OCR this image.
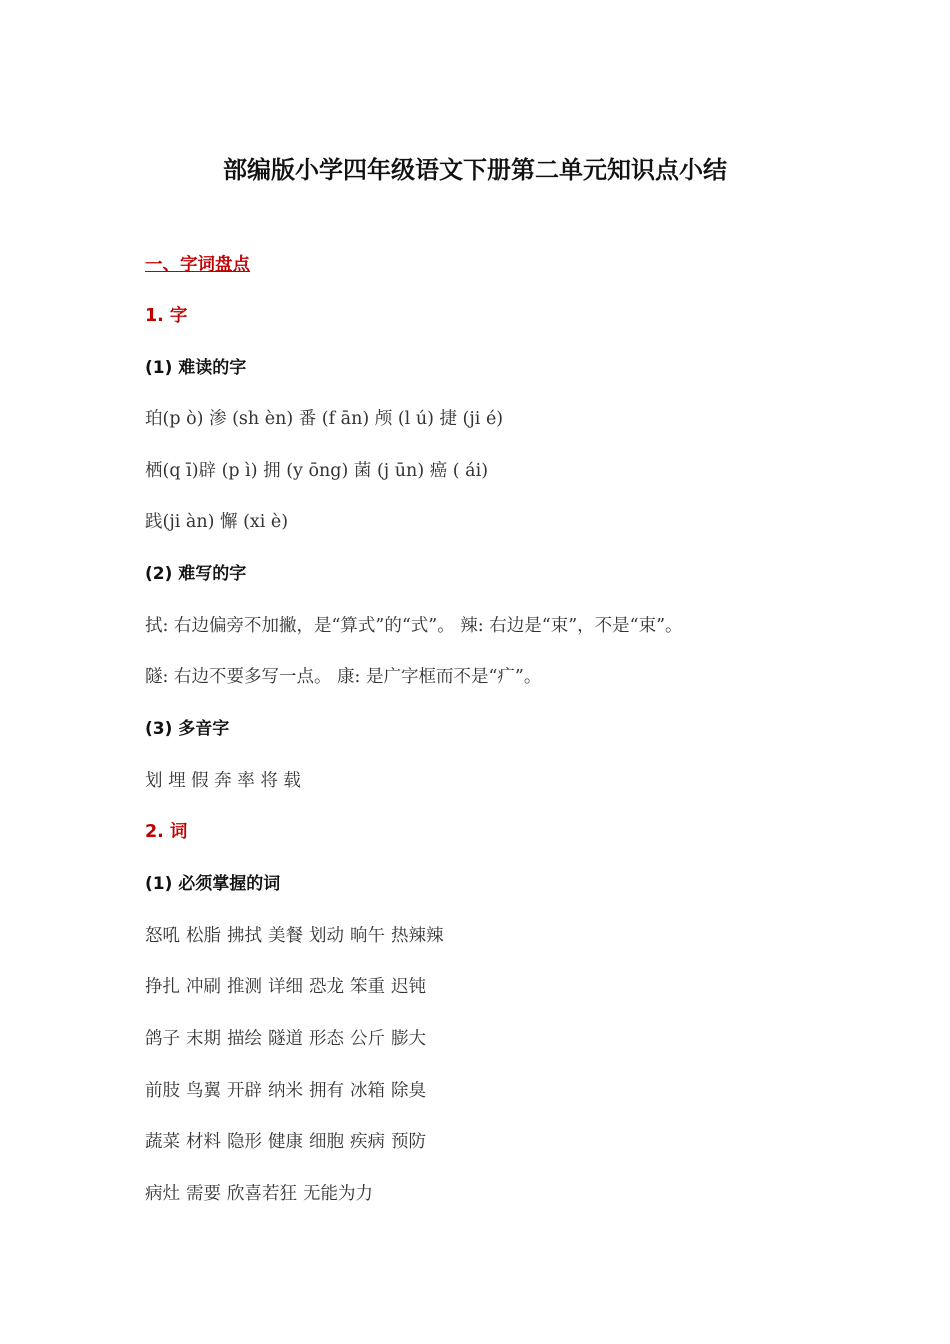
部编版小学四年级语文下册第二单元知识点小结
一、字词盘点
1. 字
(1) 难读的字
珀(p ò) 渗 (sh èn) 番 (f ān) 颅 (l ú) 捷 (ji é)
栖(q ī)辟 (p ì) 拥 (y ōng) 菌 (j ūn) 癌 ( ái)
践(ji àn) 懈 (xi è)
(2) 难写的字
拭: 右边偏旁不加撇，是“算式”的“式”。 辣: 右边是“束”，不是“束”。
隧: 右边不要多写一点。 康: 是广字框而不是“疒”。
(3) 多音字
划 埋 假 奔 率 将 载
2. 词
(1) 必须掌握的词
怒吼 松脂 拂拭 美餐 划动 晌午 热辣辣
挣扎 冲刷 推测 详细 恐龙 笨重 迟钝
鸽子 末期 描绘 隧道 形态 公斤 膨大
前肢 鸟翼 开辟 纳米 拥有 冰箱 除臭
蔬菜 材料 隐形 健康 细胞 疾病 预防
病灶 需要 欣喜若狂 无能为力
